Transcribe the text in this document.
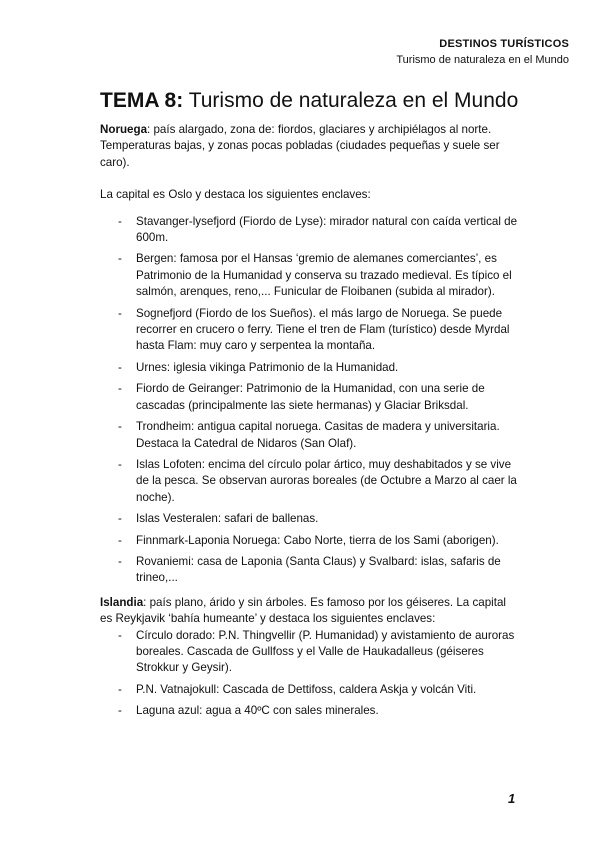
DESTINOS TURÍSTICOS
Turismo de naturaleza en el Mundo
TEMA 8: Turismo de naturaleza en el Mundo

Noruega: país alargado, zona de: fiordos, glaciares y archipiélagos al norte. Temperaturas bajas, y zonas pocas pobladas (ciudades pequeñas y suele ser caro).

La capital es Oslo y destaca los siguientes enclaves:

- Stavanger-lysefjord (Fiordo de Lyse): mirador natural con caída vertical de 600m.
- Bergen: famosa por el Hansas ‘gremio de alemanes comerciantes’, es Patrimonio de la Humanidad y conserva su trazado medieval. Es típico el salmón, arenques, reno,... Funicular de Floibanen (subida al mirador).
- Sognefjord (Fiordo de los Sueños). el más largo de Noruega. Se puede recorrer en crucero o ferry. Tiene el tren de Flam (turístico) desde Myrdal hasta Flam: muy caro y serpentea la montaña.
- Urnes: iglesia vikinga Patrimonio de la Humanidad.
- Fiordo de Geiranger: Patrimonio de la Humanidad, con una serie de cascadas (principalmente las siete hermanas) y Glaciar Briksdal.
- Trondheim: antigua capital noruega. Casitas de madera y universitaria. Destaca la Catedral de Nidaros (San Olaf).
- Islas Lofoten: encima del círculo polar ártico, muy deshabitados y se vive de la pesca. Se observan auroras boreales (de Octubre a Marzo al caer la noche).
- Islas Vesteralen: safari de ballenas.
- Finnmark-Laponia Noruega: Cabo Norte, tierra de los Sami (aborigen).
- Rovaniemi: casa de Laponia (Santa Claus) y Svalbard: islas, safaris de trineo,...

Islandia: país plano, árido y sin árboles. Es famoso por los géiseres. La capital es Reykjavik ‘bahía humeante’ y destaca los siguientes enclaves:

- Círculo dorado: P.N. Thingvellir (P. Humanidad) y avistamiento de auroras boreales. Cascada de Gullfoss y el Valle de Haukadalleus (géiseres Strokkur y Geysir).
- P.N. Vatnajokull: Cascada de Dettifoss, caldera Askja y volcán Viti.
- Laguna azul: agua a 40ºC con sales minerales.
1
